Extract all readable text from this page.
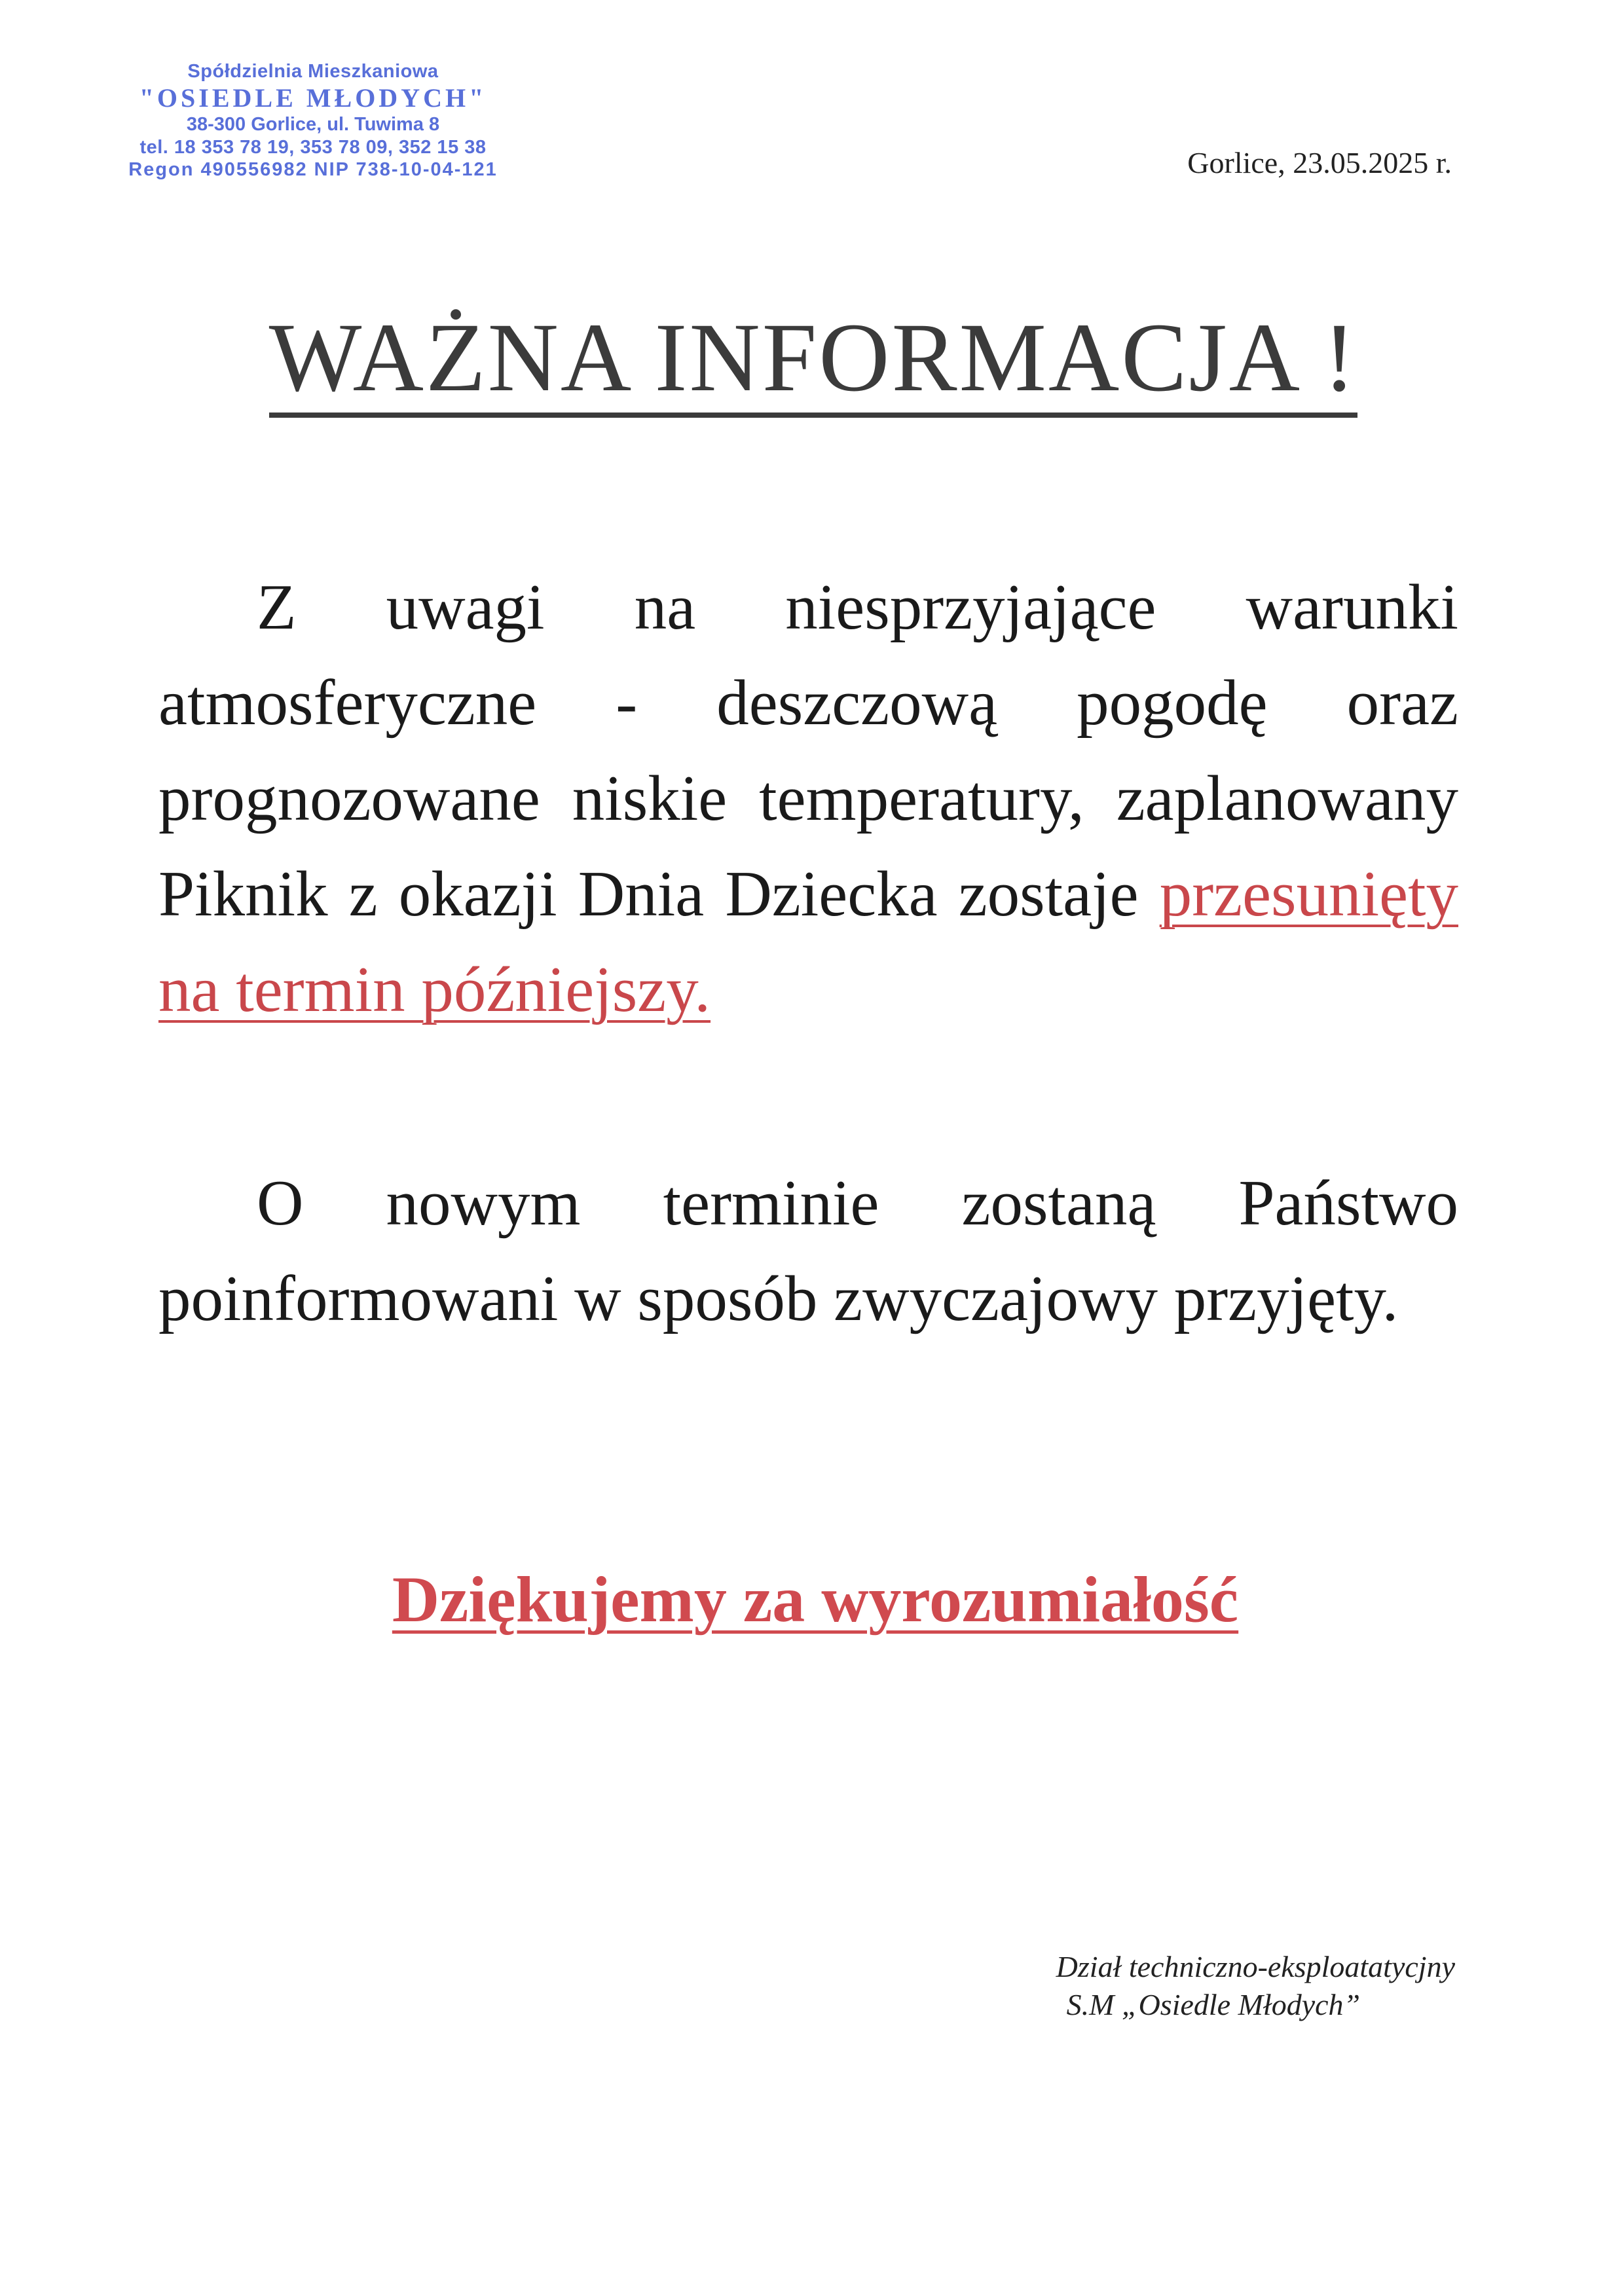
Spółdzielnia Mieszkaniowa
"OSIEDLE MŁODYCH"
38-300 Gorlice, ul. Tuwima 8
tel. 18 353 78 19, 353 78 09, 352 15 38
Regon 490556982 NIP 738-10-04-121	Gorlice, 23.05.2025 r.
WAŻNA INFORMACJA !
Z uwagi na niesprzyjające warunki atmosferyczne - deszczową pogodę oraz prognozowane niskie temperatury, zaplanowany Piknik z okazji Dnia Dziecka zostaje przesunięty na termin późniejszy.
O nowym terminie zostaną Państwo poinformowani w sposób zwyczajowy przyjęty.
Dziękujemy za wyrozumiałość
Dział techniczno-eksploatatycjny
S.M „Osiedle Młodych”
